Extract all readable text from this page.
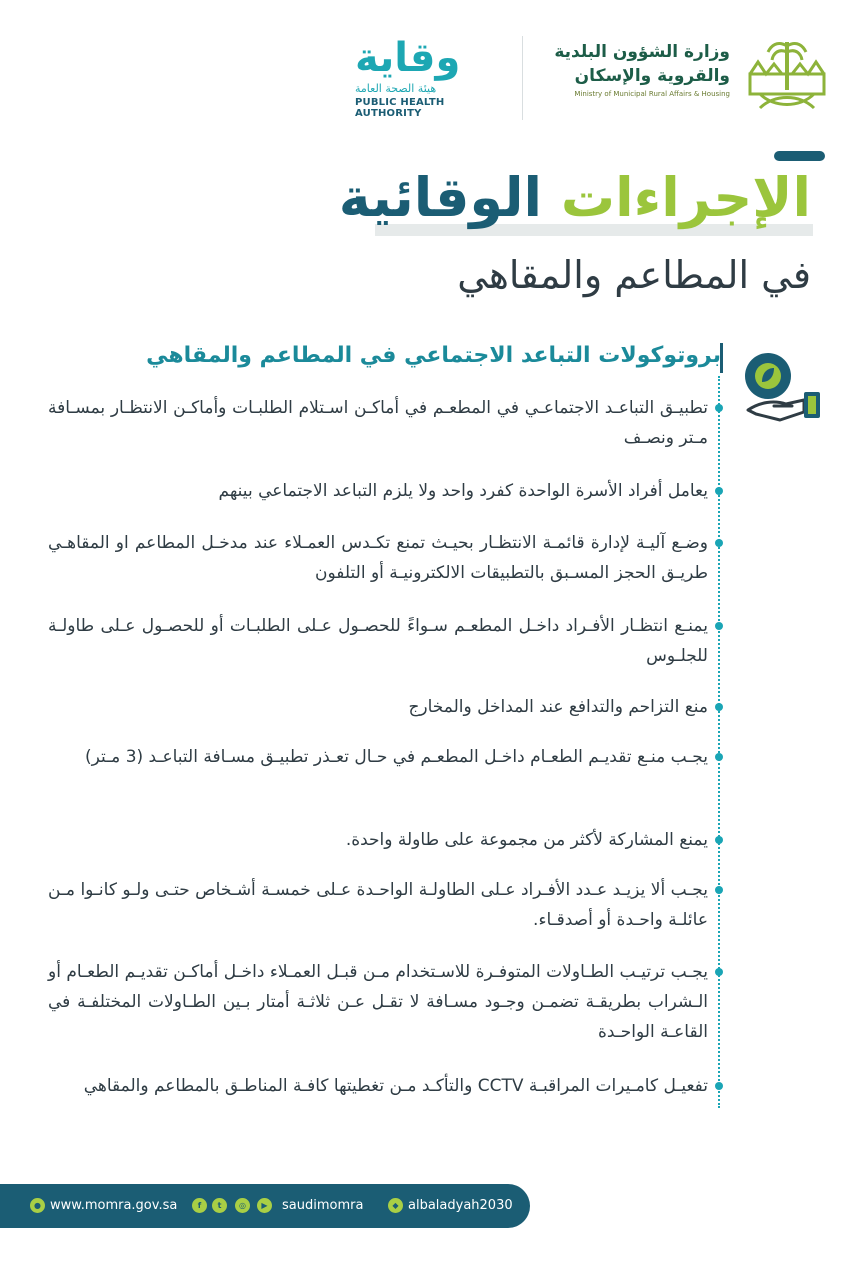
وقاية
هيئة الصحة العامة
PUBLIC HEALTH AUTHORITY
وزارة الشؤون البلدية
والقروية والإسكان
Ministry of Municipal Rural Affairs & Housing
الإجراءات الوقائية
في المطاعم والمقاهي
بروتوكولات التباعد الاجتماعي في المطاعم والمقاهي
تطبيـق التباعـد الاجتماعـي في المطعـم في أماكـن اسـتلام الطلبـات وأماكـن الانتظـار بمسـافة مـتر ونصـف
يعامل أفراد الأسرة الواحدة كفرد واحد ولا يلزم التباعد الاجتماعي بينهم
وضـع آليـة لإدارة قائمـة الانتظـار بحيـث تمنع تكـدس العمـلاء عند مدخـل المطاعم او المقاهـي طريـق الحجز المسـبق بالتطبيقات الالكترونيـة أو التلفون
يمنـع انتظـار الأفـراد داخـل المطعـم سـواءً للحصـول عـلى الطلبـات أو للحصـول عـلى طاولـة للجلـوس
منع التزاحم والتدافع عند المداخل والمخارج
يجـب منـع تقديـم الطعـام داخـل المطعـم في حـال تعـذر تطبيـق مسـافة التباعـد (3 مـتر)
يمنع المشاركة لأكثر من مجموعة على طاولة واحدة.
يجـب ألا يزيـد عـدد الأفـراد عـلى الطاولـة الواحـدة عـلى خمسـة أشـخاص حتـى ولـو كانـوا مـن عائلـة واحـدة أو أصدقـاء.
يجـب ترتيـب الطـاولات المتوفـرة للاسـتخدام مـن قبـل العمـلاء داخـل أماكـن تقديـم الطعـام أو الـشراب بطريقـة تضمـن وجـود مسـافة لا تقـل عـن ثلاثـة أمتار بـين الطـاولات المختلفـة في القاعـة الواحـدة
تفعيـل كامـيرات المراقبـة CCTV والتأكـد مـن تغطيتها كافـة المناطـق بالمطاعم والمقاهي
● www.momra.gov.sa	f	t	◎	▶	saudimomra	◆ albaladyah2030
